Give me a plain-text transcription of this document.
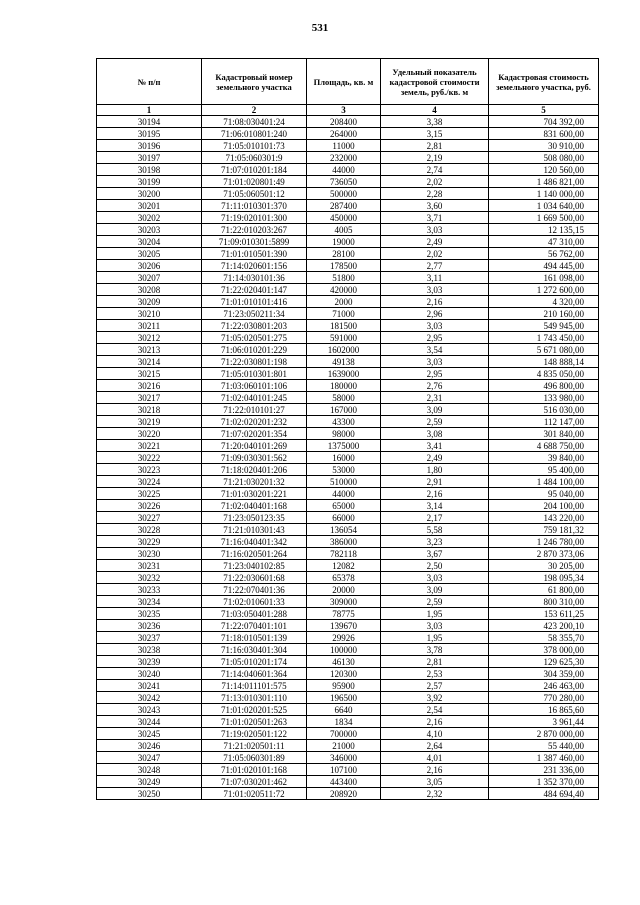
531
№ п/п	Кадастровый номер земельного участка	Площадь, кв. м	Удельный показатель кадастровой стоимости земель, руб./кв. м	Кадастровая стоимость земельного участка, руб.
1	2	3	4	5
30194	71:08:030401:24	208400	3,38	704 392,00
30195	71:06:010801:240	264000	3,15	831 600,00
30196	71:05:010101:73	11000	2,81	30 910,00
30197	71:05:060301:9	232000	2,19	508 080,00
30198	71:07:010201:184	44000	2,74	120 560,00
30199	71:01:020801:49	736050	2,02	1 486 821,00
30200	71:05:060501:12	500000	2,28	1 140 000,00
30201	71:11:010301:370	287400	3,60	1 034 640,00
30202	71:19:020101:300	450000	3,71	1 669 500,00
30203	71:22:010203:267	4005	3,03	12 135,15
30204	71:09:010301:5899	19000	2,49	47 310,00
30205	71:01:010501:390	28100	2,02	56 762,00
30206	71:14:020601:156	178500	2,77	494 445,00
30207	71:14:030101:36	51800	3,11	161 098,00
30208	71:22:020401:147	420000	3,03	1 272 600,00
30209	71:01:010101:416	2000	2,16	4 320,00
30210	71:23:050211:34	71000	2,96	210 160,00
30211	71:22:030801:203	181500	3,03	549 945,00
30212	71:05:020501:275	591000	2,95	1 743 450,00
30213	71:06:010201:229	1602000	3,54	5 671 080,00
30214	71:22:030801:198	49138	3,03	148 888,14
30215	71:05:010301:801	1639000	2,95	4 835 050,00
30216	71:03:060101:106	180000	2,76	496 800,00
30217	71:02:040101:245	58000	2,31	133 980,00
30218	71:22:010101:27	167000	3,09	516 030,00
30219	71:02:020201:232	43300	2,59	112 147,00
30220	71:07:020201:354	98000	3,08	301 840,00
30221	71:20:040101:269	1375000	3,41	4 688 750,00
30222	71:09:030301:562	16000	2,49	39 840,00
30223	71:18:020401:206	53000	1,80	95 400,00
30224	71:21:030201:32	510000	2,91	1 484 100,00
30225	71:01:030201:221	44000	2,16	95 040,00
30226	71:02:040401:168	65000	3,14	204 100,00
30227	71:23:050123:35	66000	2,17	143 220,00
30228	71:21:010301:43	136054	5,58	759 181,32
30229	71:16:040401:342	386000	3,23	1 246 780,00
30230	71:16:020501:264	782118	3,67	2 870 373,06
30231	71:23:040102:85	12082	2,50	30 205,00
30232	71:22:030601:68	65378	3,03	198 095,34
30233	71:22:070401:36	20000	3,09	61 800,00
30234	71:02:010601:33	309000	2,59	800 310,00
30235	71:03:050401:288	78775	1,95	153 611,25
30236	71:22:070401:101	139670	3,03	423 200,10
30237	71:18:010501:139	29926	1,95	58 355,70
30238	71:16:030401:304	100000	3,78	378 000,00
30239	71:05:010201:174	46130	2,81	129 625,30
30240	71:14:040601:364	120300	2,53	304 359,00
30241	71:14:011101:575	95900	2,57	246 463,00
30242	71:13:010301:110	196500	3,92	770 280,00
30243	71:01:020201:525	6640	2,54	16 865,60
30244	71:01:020501:263	1834	2,16	3 961,44
30245	71:19:020501:122	700000	4,10	2 870 000,00
30246	71:21:020501:11	21000	2,64	55 440,00
30247	71:05:060301:89	346000	4,01	1 387 460,00
30248	71:01:020101:168	107100	2,16	231 336,00
30249	71:07:030201:462	443400	3,05	1 352 370,00
30250	71:01:020511:72	208920	2,32	484 694,40
